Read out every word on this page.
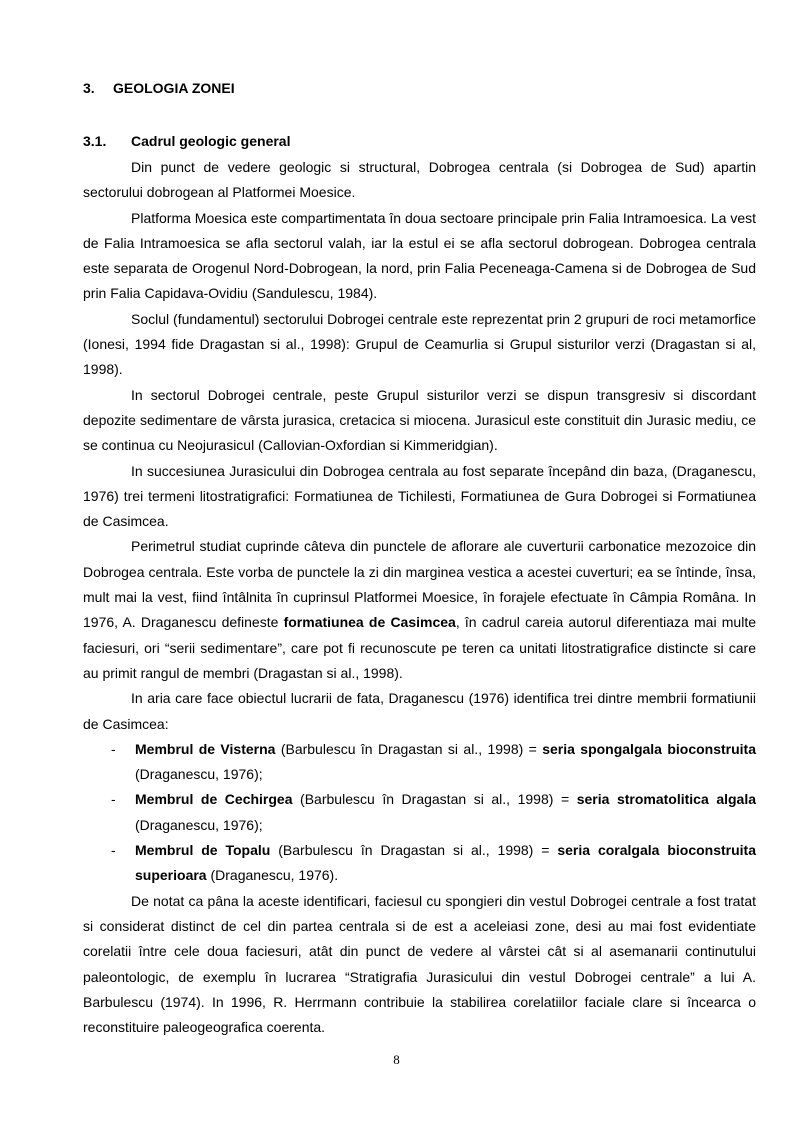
3. GEOLOGIA ZONEI
3.1. Cadrul geologic general

Din punct de vedere geologic si structural, Dobrogea centrala (si Dobrogea de Sud) apartin sectorului dobrogean al Platformei Moesice.

Platforma Moesica este compartimentata în doua sectoare principale prin Falia Intramoesica. La vest de Falia Intramoesica se afla sectorul valah, iar la estul ei se afla sectorul dobrogean. Dobrogea centrala este separata de Orogenul Nord-Dobrogean, la nord, prin Falia Peceneaga-Camena si de Dobrogea de Sud prin Falia Capidava-Ovidiu (Sandulescu, 1984).

Soclul (fundamentul) sectorului Dobrogei centrale este reprezentat prin 2 grupuri de roci metamorfice (Ionesi, 1994 fide Dragastan si al., 1998): Grupul de Ceamurlia si Grupul sisturilor verzi (Dragastan si al, 1998).

In sectorul Dobrogei centrale, peste Grupul sisturilor verzi se dispun transgresiv si discordant depozite sedimentare de vârsta jurasica, cretacica si miocena. Jurasicul este constituit din Jurasic mediu, ce se continua cu Neojurasicul (Callovian-Oxfordian si Kimmeridgian).

In succesiunea Jurasicului din Dobrogea centrala au fost separate începând din baza, (Draganescu, 1976) trei termeni litostratigrafici: Formatiunea de Tichilesti, Formatiunea de Gura Dobrogei si Formatiunea de Casimcea.

Perimetrul studiat cuprinde câteva din punctele de aflorare ale cuverturii carbonatice mezozoice din Dobrogea centrala. Este vorba de punctele la zi din marginea vestica a acestei cuverturi; ea se întinde, însa, mult mai la vest, fiind întâlnita în cuprinsul Platformei Moesice, în forajele efectuate în Câmpia Româna. In 1976, A. Draganescu defineste formatiunea de Casimcea, în cadrul careia autorul diferentiaza mai multe faciesuri, ori “serii sedimentare”, care pot fi recunoscute pe teren ca unitati litostratigrafice distincte si care au primit rangul de membri (Dragastan si al., 1998).

In aria care face obiectul lucrarii de fata, Draganescu (1976) identifica trei dintre membrii formatiunii de Casimcea:

- Membrul de Visterna (Barbulescu în Dragastan si al., 1998) = seria spongalgala bioconstruita (Draganescu, 1976);
- Membrul de Cechirgea (Barbulescu în Dragastan si al., 1998) = seria stromatolitica algala (Draganescu, 1976);
- Membrul de Topalu (Barbulescu în Dragastan si al., 1998) = seria coralgala bioconstruita superioara (Draganescu, 1976).

De notat ca pâna la aceste identificari, faciesul cu spongieri din vestul Dobrogei centrale a fost tratat si considerat distinct de cel din partea centrala si de est a aceleiasi zone, desi au mai fost evidentiate corelatii între cele doua faciesuri, atât din punct de vedere al vârstei cât si al asemanarii continutului paleontologic, de exemplu în lucrarea “Stratigrafia Jurasicului din vestul Dobrogei centrale” a lui A. Barbulescu (1974). In 1996, R. Herrmann contribuie la stabilirea corelatiilor faciale clare si încearca o reconstituire paleogeografica coerenta.

8
